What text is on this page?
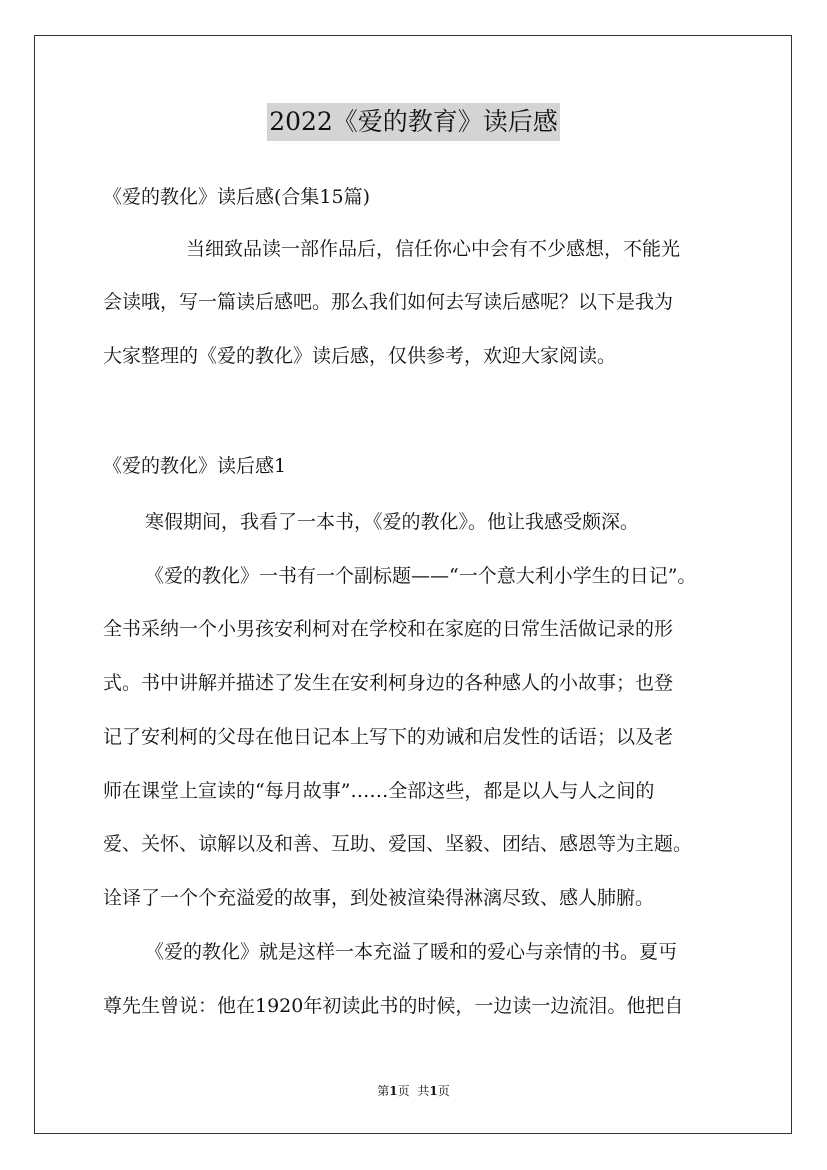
2022《爱的教育》读后感
《爱的教化》读后感(合集15篇)
当细致品读一部作品后，信任你心中会有不少感想，不能光
会读哦，写一篇读后感吧。那么我们如何去写读后感呢？以下是我为
大家整理的《爱的教化》读后感，仅供参考，欢迎大家阅读。
《爱的教化》读后感1
寒假期间，我看了一本书，《爱的教化》。他让我感受颇深。
《爱的教化》一书有一个副标题——“一个意大利小学生的日记”。
全书采纳一个小男孩安利柯对在学校和在家庭的日常生活做记录的形
式。书中讲解并描述了发生在安利柯身边的各种感人的小故事；也登
记了安利柯的父母在他日记本上写下的劝诫和启发性的话语；以及老
师在课堂上宣读的“每月故事”……全部这些，都是以人与人之间的
爱、关怀、谅解以及和善、互助、爱国、坚毅、团结、感恩等为主题。
诠译了一个个充溢爱的故事，到处被渲染得淋漓尽致、感人肺腑。
《爱的教化》就是这样一本充溢了暖和的爱心与亲情的书。夏丏
尊先生曾说：他在1920年初读此书的时候，一边读一边流泪。他把自
第1页 共1页
